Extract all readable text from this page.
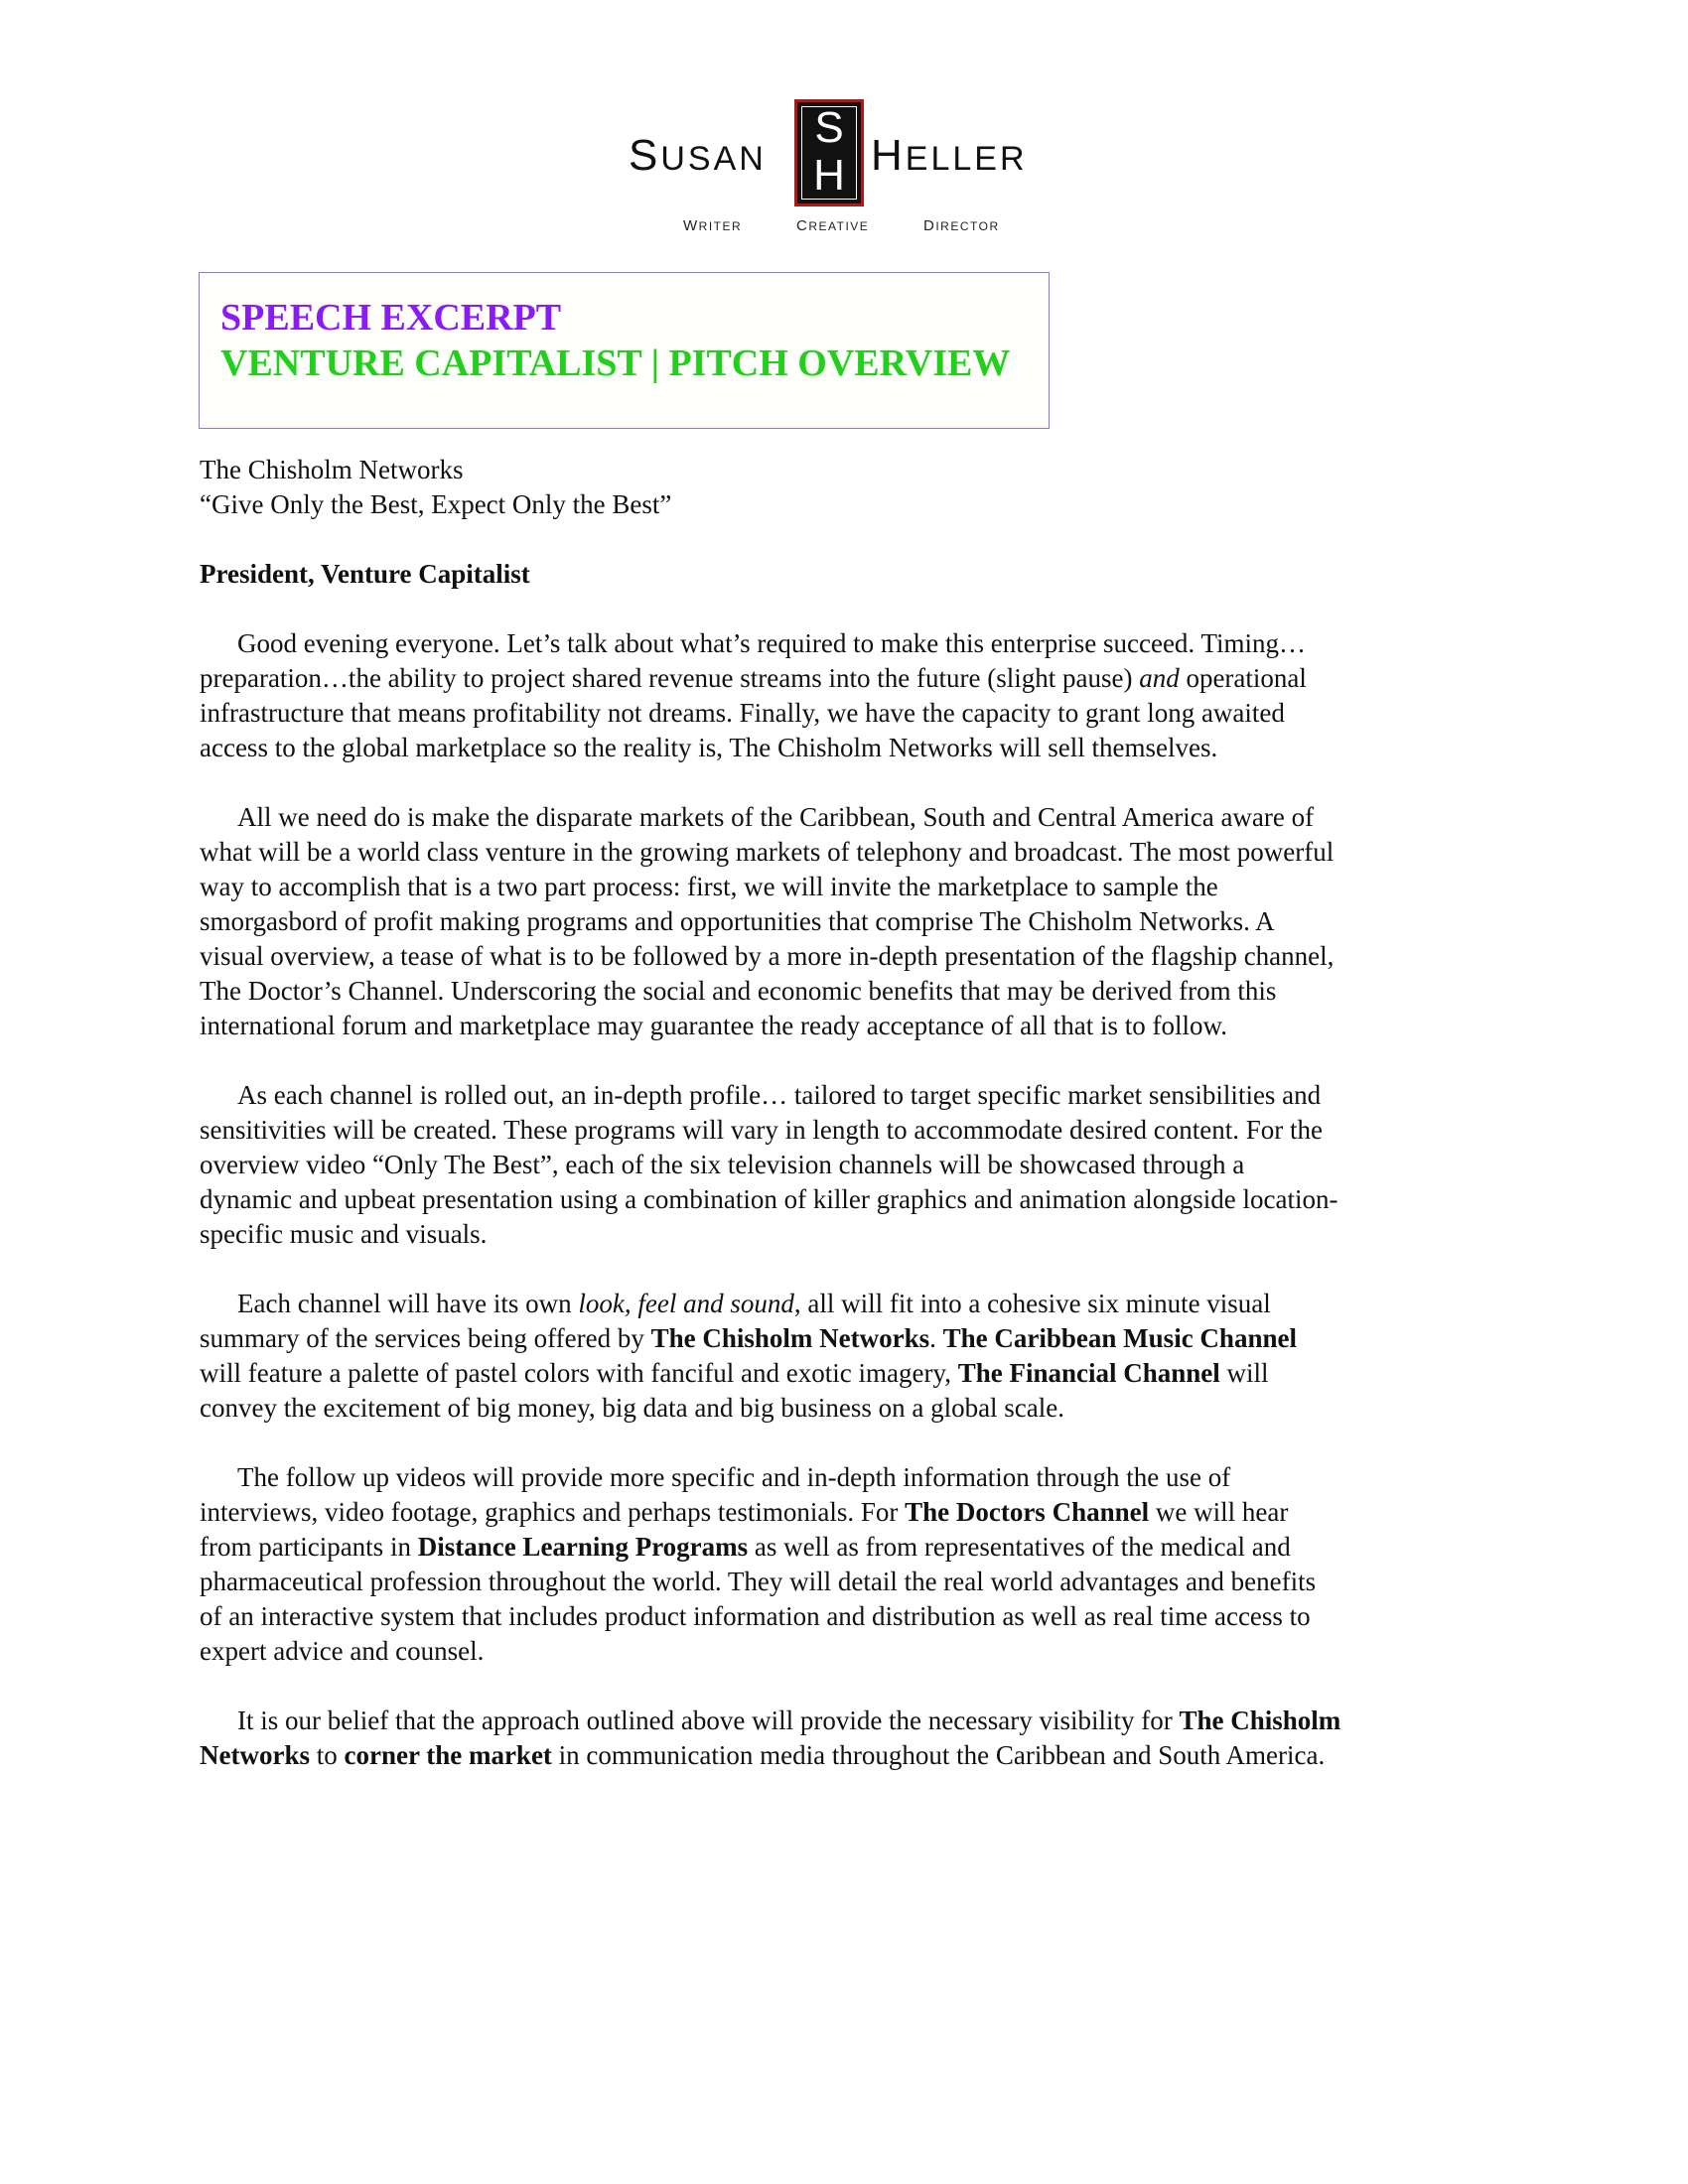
SUSAN
S
H HELLER
WRITER	CREATIVE	DIRECTOR
SPEECH EXCERPT
VENTURE CAPITALIST | PITCH OVERVIEW

The Chisholm Networks

“Give Only the Best, Expect Only the Best”

President, Venture Capitalist

Good evening everyone. Let’s talk about what’s required to make this enterprise succeed. Timing…
preparation…the ability to project shared revenue streams into the future (slight pause) and operational
infrastructure that means profitability not dreams. Finally, we have the capacity to grant long awaited
access to the global marketplace so the reality is, The Chisholm Networks will sell themselves.
All we need do is make the disparate markets of the Caribbean, South and Central America aware of
what will be a world class venture in the growing markets of telephony and broadcast. The most powerful
way to accomplish that is a two part process: first, we will invite the marketplace to sample the
smorgasbord of profit making programs and opportunities that comprise The Chisholm Networks. A
visual overview, a tease of what is to be followed by a more in-depth presentation of the flagship channel,
The Doctor’s Channel. Underscoring the social and economic benefits that may be derived from this
international forum and marketplace may guarantee the ready acceptance of all that is to follow.
As each channel is rolled out, an in-depth profile… tailored to target specific market sensibilities and
sensitivities will be created. These programs will vary in length to accommodate desired content. For the
overview video “Only The Best”, each of the six television channels will be showcased through a
dynamic and upbeat presentation using a combination of killer graphics and animation alongside location-
specific music and visuals.
Each channel will have its own look, feel and sound, all will fit into a cohesive six minute visual
summary of the services being offered by The Chisholm Networks. The Caribbean Music Channel
will feature a palette of pastel colors with fanciful and exotic imagery, The Financial Channel will
convey the excitement of big money, big data and big business on a global scale.
The follow up videos will provide more specific and in-depth information through the use of
interviews, video footage, graphics and perhaps testimonials. For The Doctors Channel we will hear
from participants in Distance Learning Programs as well as from representatives of the medical and
pharmaceutical profession throughout the world. They will detail the real world advantages and benefits
of an interactive system that includes product information and distribution as well as real time access to
expert advice and counsel.
It is our belief that the approach outlined above will provide the necessary visibility for The Chisholm
Networks to corner the market in communication media throughout the Caribbean and South America.
